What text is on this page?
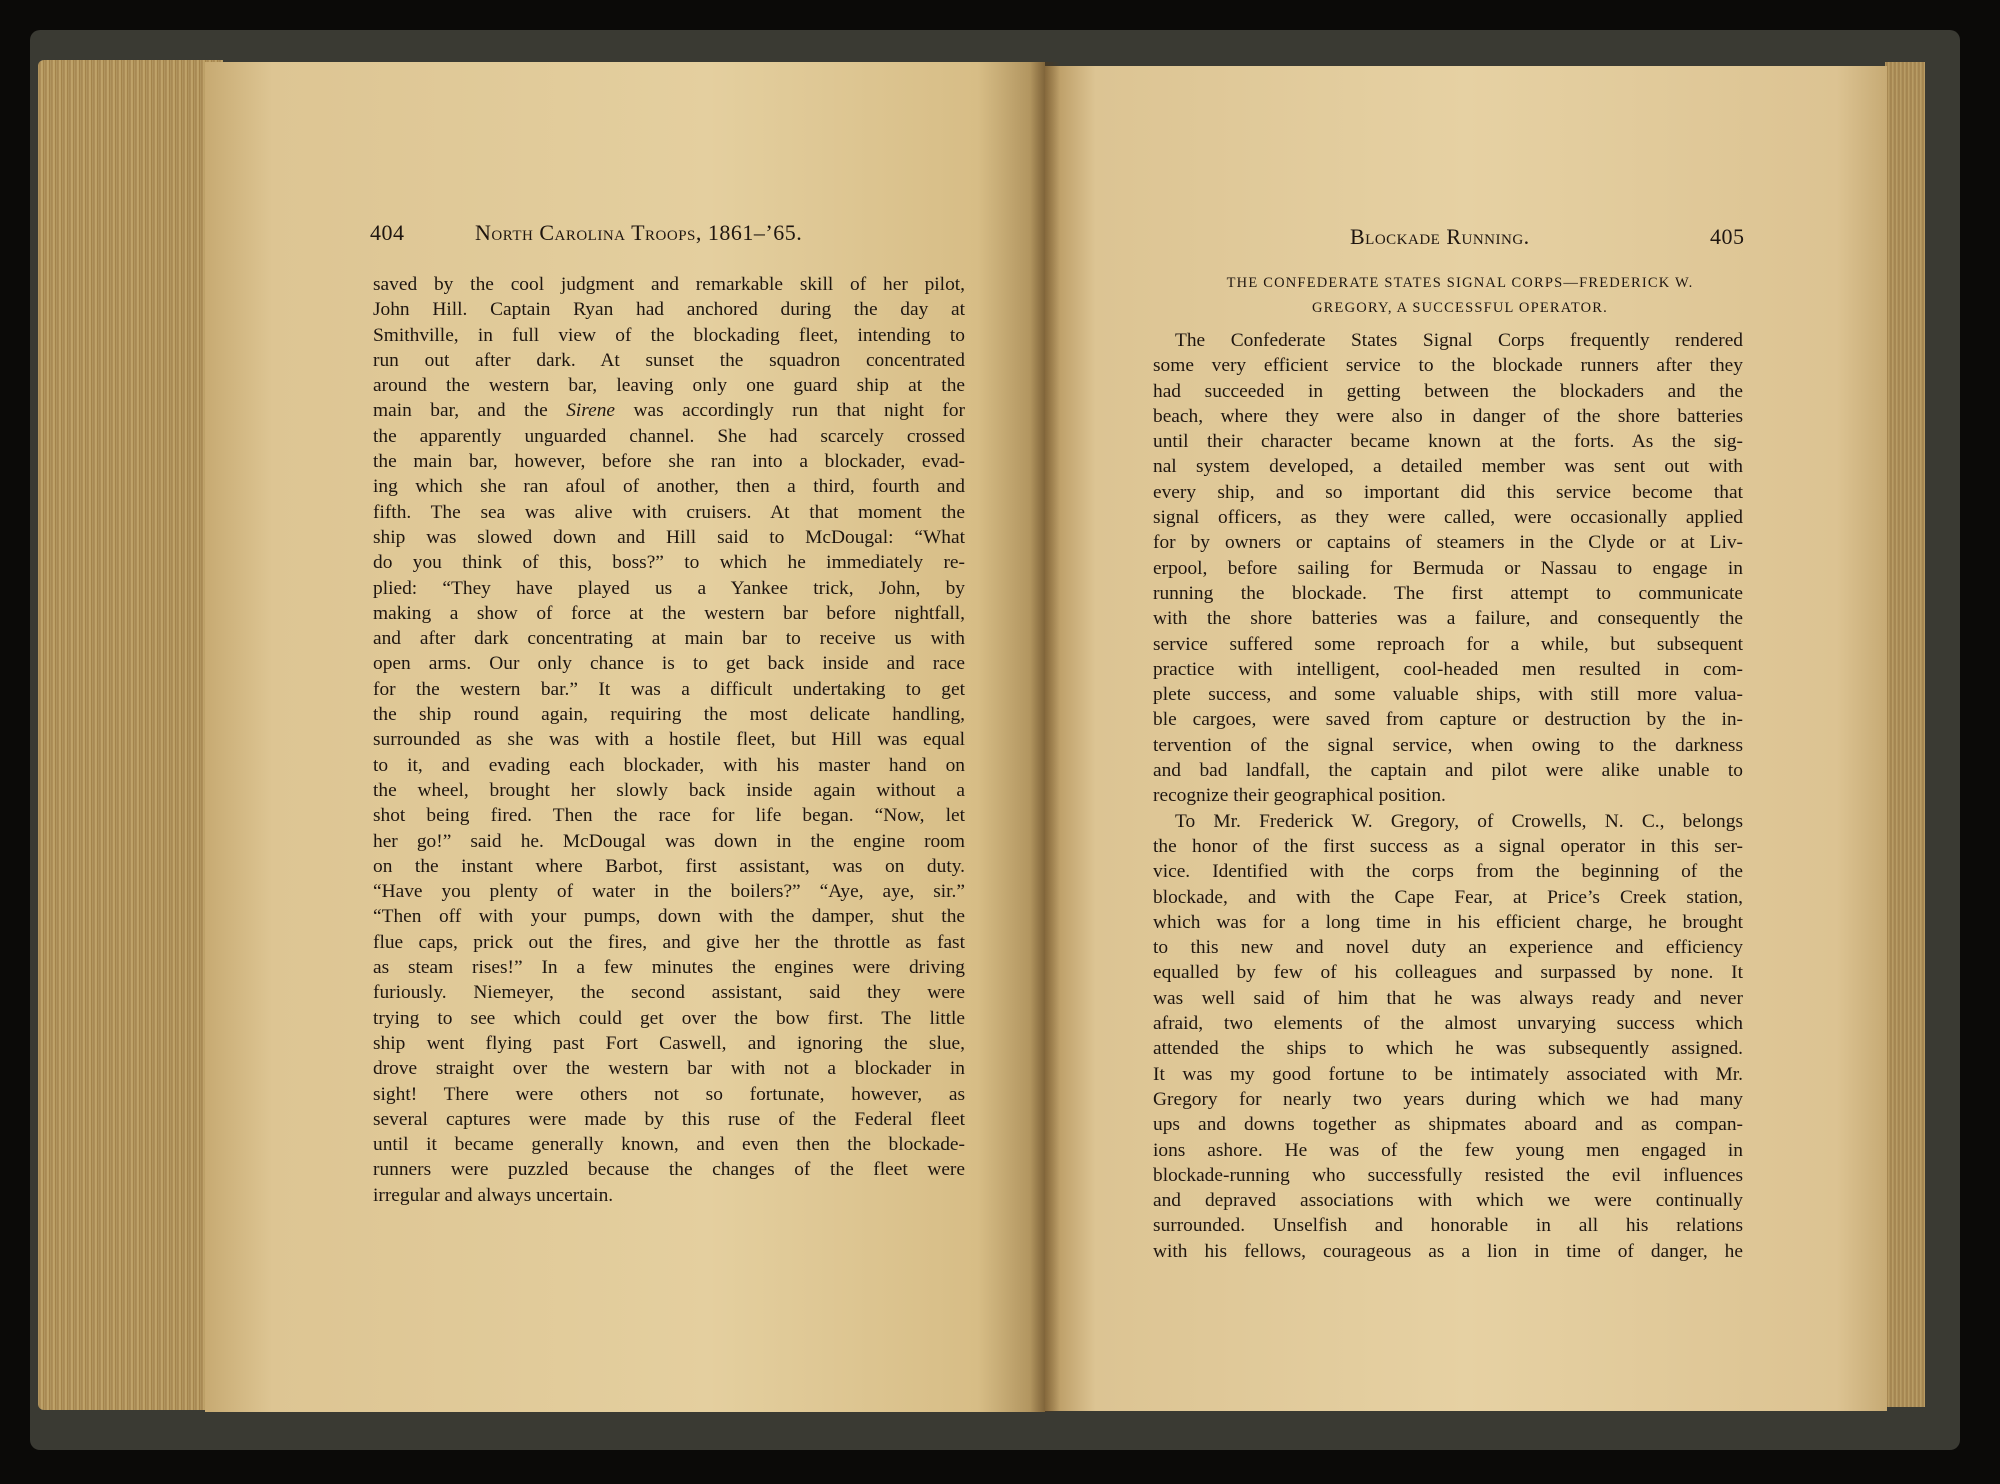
404	North Carolina Troops, 1861–’65.
saved by the cool judgment and remarkable skill of her pilot,
John Hill. Captain Ryan had anchored during the day at
Smithville, in full view of the blockading fleet, intending to
run out after dark. At sunset the squadron concentrated
around the western bar, leaving only one guard ship at the
main bar, and the Sirene was accordingly run that night for
the apparently unguarded channel. She had scarcely crossed
the main bar, however, before she ran into a blockader, evad-
ing which she ran afoul of another, then a third, fourth and
fifth. The sea was alive with cruisers. At that moment the
ship was slowed down and Hill said to McDougal: “What
do you think of this, boss?” to which he immediately re-
plied: “They have played us a Yankee trick, John, by
making a show of force at the western bar before nightfall,
and after dark concentrating at main bar to receive us with
open arms. Our only chance is to get back inside and race
for the western bar.” It was a difficult undertaking to get
the ship round again, requiring the most delicate handling,
surrounded as she was with a hostile fleet, but Hill was equal
to it, and evading each blockader, with his master hand on
the wheel, brought her slowly back inside again without a
shot being fired. Then the race for life began. “Now, let
her go!” said he. McDougal was down in the engine room
on the instant where Barbot, first assistant, was on duty.
“Have you plenty of water in the boilers?” “Aye, aye, sir.”
“Then off with your pumps, down with the damper, shut the
flue caps, prick out the fires, and give her the throttle as fast
as steam rises!” In a few minutes the engines were driving
furiously. Niemeyer, the second assistant, said they were
trying to see which could get over the bow first. The little
ship went flying past Fort Caswell, and ignoring the slue,
drove straight over the western bar with not a blockader in
sight! There were others not so fortunate, however, as
several captures were made by this ruse of the Federal fleet
until it became generally known, and even then the blockade-
runners were puzzled because the changes of the fleet were
irregular and always uncertain.
Blockade Running.	405
THE CONFEDERATE STATES SIGNAL CORPS—FREDERICK W.
GREGORY, A SUCCESSFUL OPERATOR.
The Confederate States Signal Corps frequently rendered
some very efficient service to the blockade runners after they
had succeeded in getting between the blockaders and the
beach, where they were also in danger of the shore batteries
until their character became known at the forts. As the sig-
nal system developed, a detailed member was sent out with
every ship, and so important did this service become that
signal officers, as they were called, were occasionally applied
for by owners or captains of steamers in the Clyde or at Liv-
erpool, before sailing for Bermuda or Nassau to engage in
running the blockade. The first attempt to communicate
with the shore batteries was a failure, and consequently the
service suffered some reproach for a while, but subsequent
practice with intelligent, cool-headed men resulted in com-
plete success, and some valuable ships, with still more valua-
ble cargoes, were saved from capture or destruction by the in-
tervention of the signal service, when owing to the darkness
and bad landfall, the captain and pilot were alike unable to
recognize their geographical position.
To Mr. Frederick W. Gregory, of Crowells, N. C., belongs
the honor of the first success as a signal operator in this ser-
vice. Identified with the corps from the beginning of the
blockade, and with the Cape Fear, at Price’s Creek station,
which was for a long time in his efficient charge, he brought
to this new and novel duty an experience and efficiency
equalled by few of his colleagues and surpassed by none. It
was well said of him that he was always ready and never
afraid, two elements of the almost unvarying success which
attended the ships to which he was subsequently assigned.
It was my good fortune to be intimately associated with Mr.
Gregory for nearly two years during which we had many
ups and downs together as shipmates aboard and as compan-
ions ashore. He was of the few young men engaged in
blockade-running who successfully resisted the evil influences
and depraved associations with which we were continually
surrounded. Unselfish and honorable in all his relations
with his fellows, courageous as a lion in time of danger, he
